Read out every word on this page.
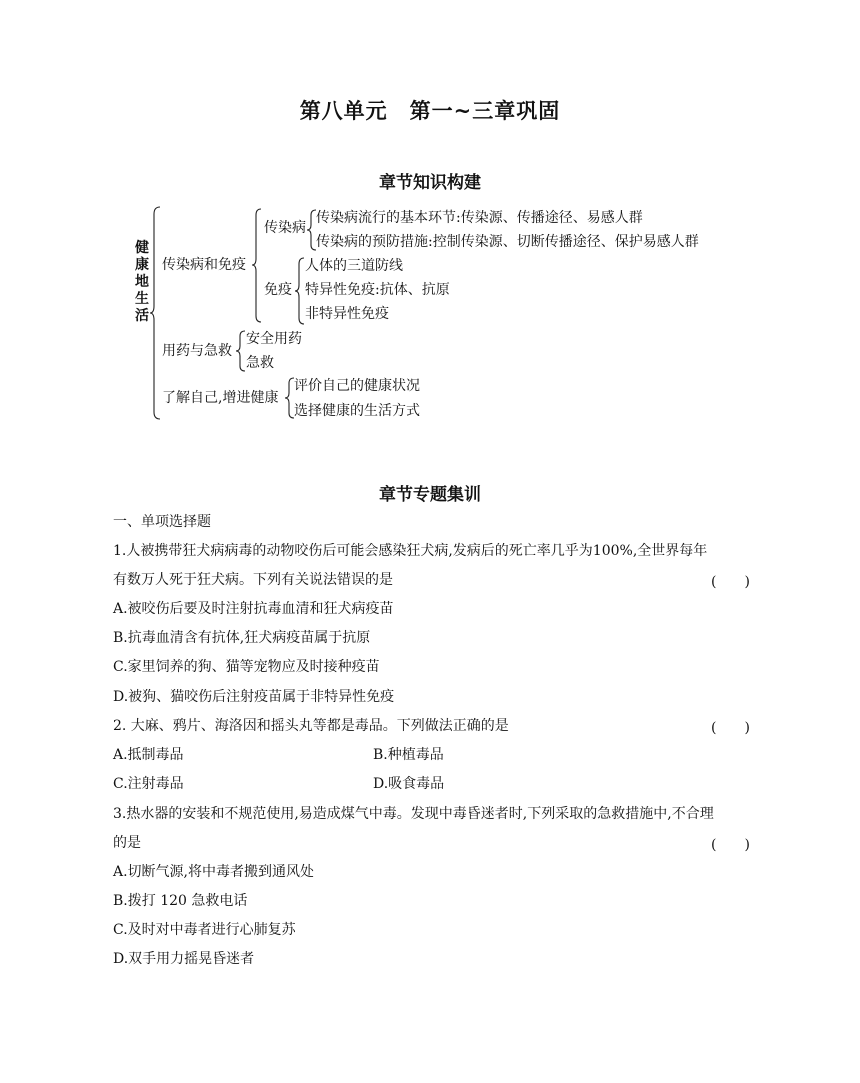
第八单元　第一~三章巩固
章节知识构建
健
康
地
生
活
传染病和免疫
传染病
传染病流行的基本环节:传染源、传播途径、易感人群
传染病的预防措施:控制传染源、切断传播途径、保护易感人群
免疫
人体的三道防线
特异性免疫:抗体、抗原
非特异性免疫
用药与急救
安全用药
急救
了解自己,增进健康
评价自己的健康状况
选择健康的生活方式
章节专题集训
一、单项选择题
1.人被携带狂犬病病毒的动物咬伤后可能会感染狂犬病,发病后的死亡率几乎为100%,全世界每年
有数万人死于狂犬病。下列有关说法错误的是	(　　)
A.被咬伤后要及时注射抗毒血清和狂犬病疫苗
B.抗毒血清含有抗体,狂犬病疫苗属于抗原
C.家里饲养的狗、猫等宠物应及时接种疫苗
D.被狗、猫咬伤后注射疫苗属于非特异性免疫
2. 大麻、鸦片、海洛因和摇头丸等都是毒品。下列做法正确的是	(　　)
A.抵制毒品	B.种植毒品
C.注射毒品	D.吸食毒品
3.热水器的安装和不规范使用,易造成煤气中毒。发现中毒昏迷者时,下列采取的急救措施中,不合理
的是	(　　)
A.切断气源,将中毒者搬到通风处
B.拨打 120 急救电话
C.及时对中毒者进行心肺复苏
D.双手用力摇晃昏迷者
